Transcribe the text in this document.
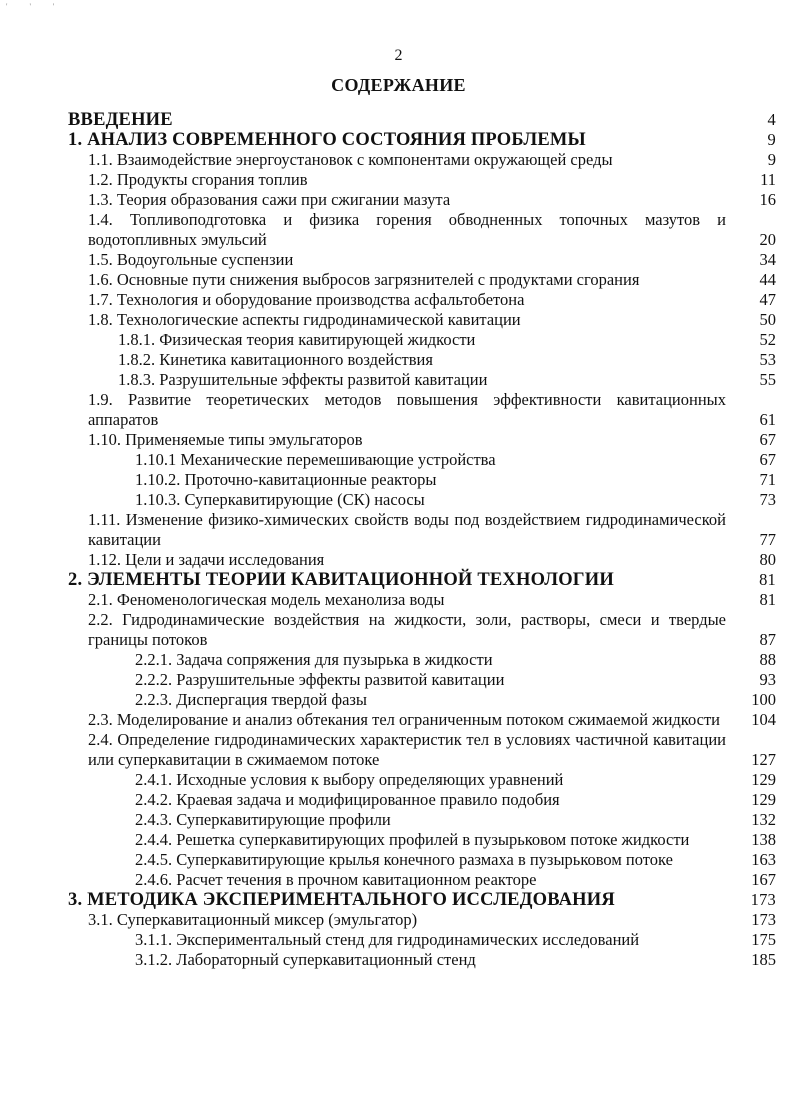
' ' '
2
СОДЕРЖАНИЕ
ВВЕДЕНИЕ	4
1. АНАЛИЗ СОВРЕМЕННОГО СОСТОЯНИЯ ПРОБЛЕМЫ	9
1.1. Взаимодействие энергоустановок с компонентами окружающей среды	9
1.2. Продукты сгорания топлив	11
1.3. Теория образования сажи при сжигании мазута	16
1.4. Топливоподготовка и физика горения обводненных топочных мазутов и водотопливных эмульсий	20
1.5. Водоугольные суспензии	34
1.6. Основные пути снижения выбросов загрязнителей с продуктами сгорания	44
1.7. Технология и оборудование производства асфальтобетона	47
1.8. Технологические аспекты гидродинамической кавитации	50
1.8.1. Физическая теория кавитирующей жидкости	52
1.8.2. Кинетика кавитационного воздействия	53
1.8.3. Разрушительные эффекты развитой кавитации	55
1.9. Развитие теоретических методов повышения эффективности кавитационных аппаратов	61
1.10. Применяемые типы эмульгаторов	67
1.10.1 Механические перемешивающие устройства	67
1.10.2. Проточно-кавитационные реакторы	71
1.10.3. Суперкавитирующие (СК) насосы	73
1.11. Изменение физико-химических свойств воды под воздействием гидродинамической кавитации	77
1.12. Цели и задачи исследования	80
2. ЭЛЕМЕНТЫ ТЕОРИИ КАВИТАЦИОННОЙ ТЕХНОЛОГИИ	81
2.1. Феноменологическая модель механолиза воды	81
2.2. Гидродинамические воздействия на жидкости, золи, растворы, смеси и твердые границы потоков	87
2.2.1. Задача сопряжения для пузырька в жидкости	88
2.2.2. Разрушительные эффекты развитой кавитации	93
2.2.3. Диспергация твердой фазы	100
2.3. Моделирование и анализ обтекания тел ограниченным потоком сжимаемой жидкости	104
2.4. Определение гидродинамических характеристик тел в условиях частичной кавитации или суперкавитации в сжимаемом потоке	127
2.4.1. Исходные условия к выбору определяющих уравнений	129
2.4.2. Краевая задача и модифицированное правило подобия	129
2.4.3. Суперкавитирующие профили	132
2.4.4. Решетка суперкавитирующих профилей в пузырьковом потоке жидкости	138
2.4.5. Суперкавитирующие крылья конечного размаха в пузырьковом потоке	163
2.4.6. Расчет течения в прочном кавитационном реакторе	167
3. МЕТОДИКА ЭКСПЕРИМЕНТАЛЬНОГО ИССЛЕДОВАНИЯ	173
3.1. Суперкавитационный миксер (эмульгатор)	173
3.1.1. Экспериментальный стенд для гидродинамических исследований	175
3.1.2. Лабораторный суперкавитационный стенд	185
